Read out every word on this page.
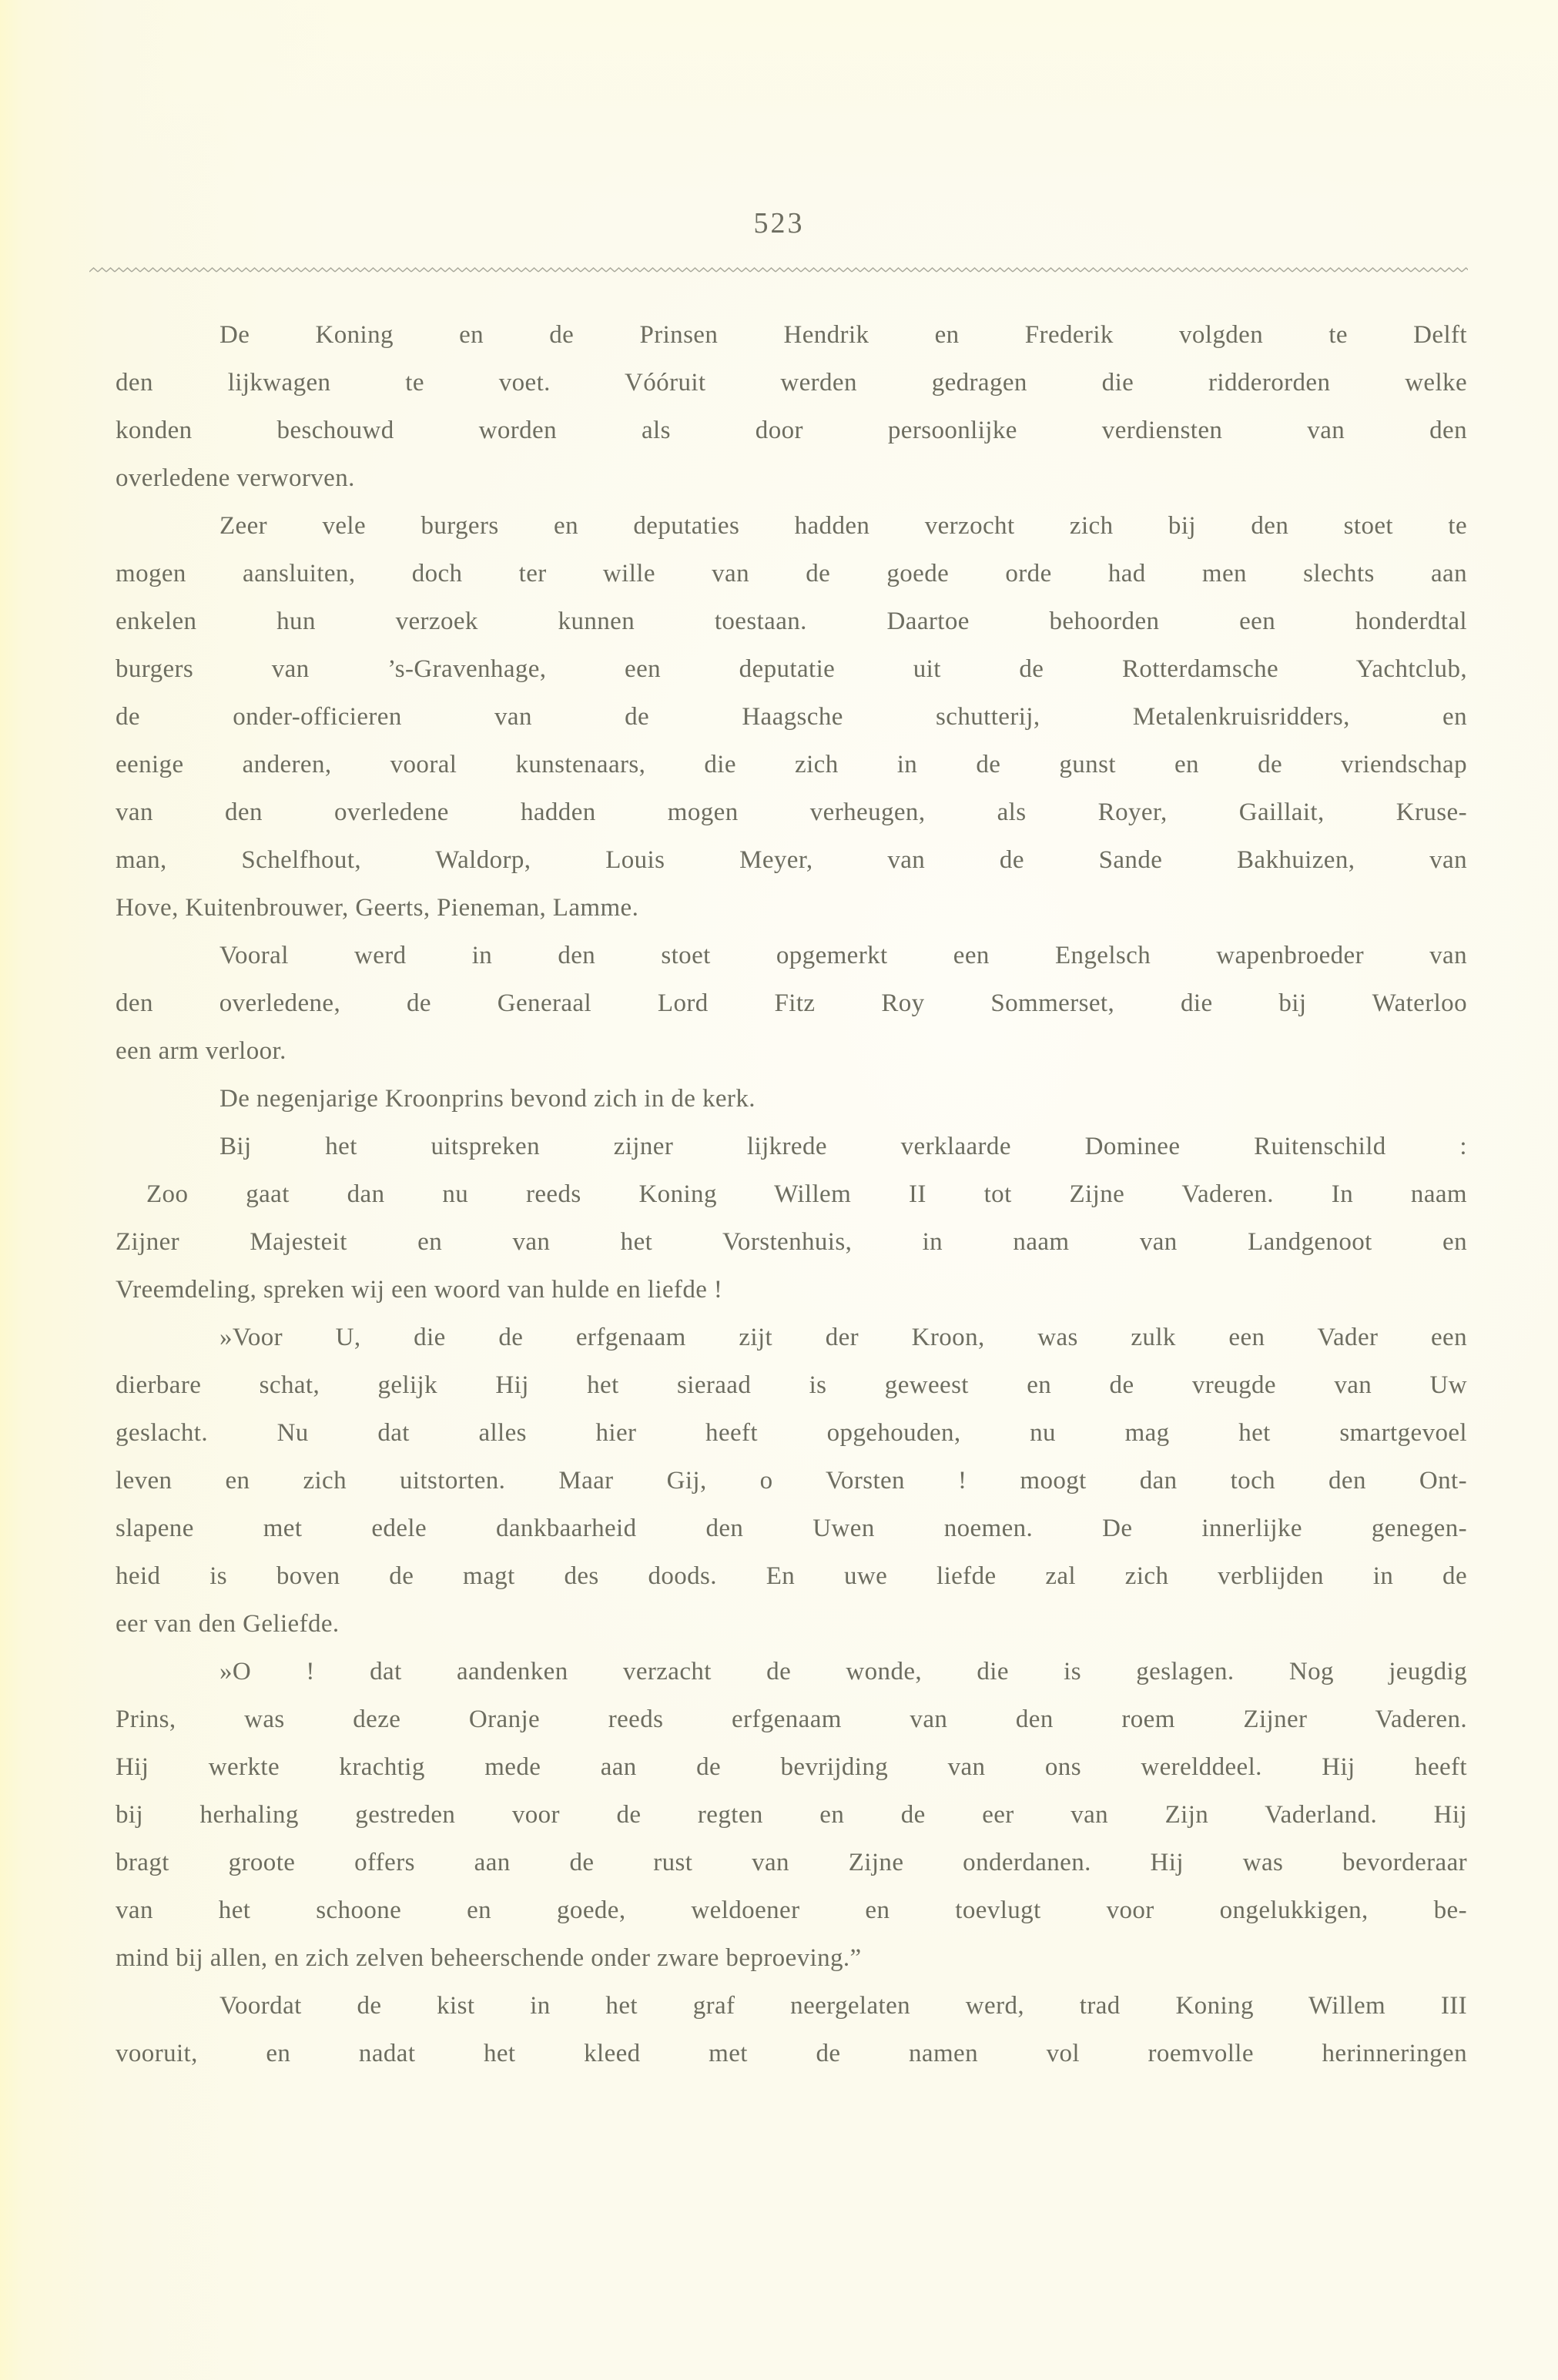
523
De Koning en de Prinsen Hendrik en Frederik volgden te Delft
den lijkwagen te voet. Vóóruit werden gedragen die ridderorden welke
konden beschouwd worden als door persoonlijke verdiensten van den
overledene verworven.
Zeer vele burgers en deputaties hadden verzocht zich bij den stoet te
mogen aansluiten, doch ter wille van de goede orde had men slechts aan
enkelen hun verzoek kunnen toestaan. Daartoe behoorden een honderdtal
burgers van ’s-Gravenhage, een deputatie uit de Rotterdamsche Yachtclub,
de onder-officieren van de Haagsche schutterij, Metalenkruisridders, en
eenige anderen, vooral kunstenaars, die zich in de gunst en de vriendschap
van den overledene hadden mogen verheugen, als Royer, Gaillait, Kruse-
man, Schelfhout, Waldorp, Louis Meyer, van de Sande Bakhuizen, van
Hove, Kuitenbrouwer, Geerts, Pieneman, Lamme.
Vooral werd in den stoet opgemerkt een Engelsch wapenbroeder van
den overledene, de Generaal Lord Fitz Roy Sommerset, die bij Waterloo
een arm verloor.
De negenjarige Kroonprins bevond zich in de kerk.
Bij het uitspreken zijner lijkrede verklaarde Dominee Ruitenschild :
Zoo gaat dan nu reeds Koning Willem II tot Zijne Vaderen. In naam
Zijner Majesteit en van het Vorstenhuis, in naam van Landgenoot en
Vreemdeling, spreken wij een woord van hulde en liefde !
»Voor U, die de erfgenaam zijt der Kroon, was zulk een Vader een
dierbare schat, gelijk Hij het sieraad is geweest en de vreugde van Uw
geslacht. Nu dat alles hier heeft opgehouden, nu mag het smartgevoel
leven en zich uitstorten. Maar Gij, o Vorsten ! moogt dan toch den Ont-
slapene met edele dankbaarheid den Uwen noemen. De innerlijke genegen-
heid is boven de magt des doods. En uwe liefde zal zich verblijden in de
eer van den Geliefde.
»O ! dat aandenken verzacht de wonde, die is geslagen. Nog jeugdig
Prins, was deze Oranje reeds erfgenaam van den roem Zijner Vaderen.
Hij werkte krachtig mede aan de bevrijding van ons werelddeel. Hij heeft
bij herhaling gestreden voor de regten en de eer van Zijn Vaderland. Hij
bragt groote offers aan de rust van Zijne onderdanen. Hij was bevorderaar
van het schoone en goede, weldoener en toevlugt voor ongelukkigen, be-
mind bij allen, en zich zelven beheerschende onder zware beproeving.”
Voordat de kist in het graf neergelaten werd, trad Koning Willem III
vooruit, en nadat het kleed met de namen vol roemvolle herinneringen
